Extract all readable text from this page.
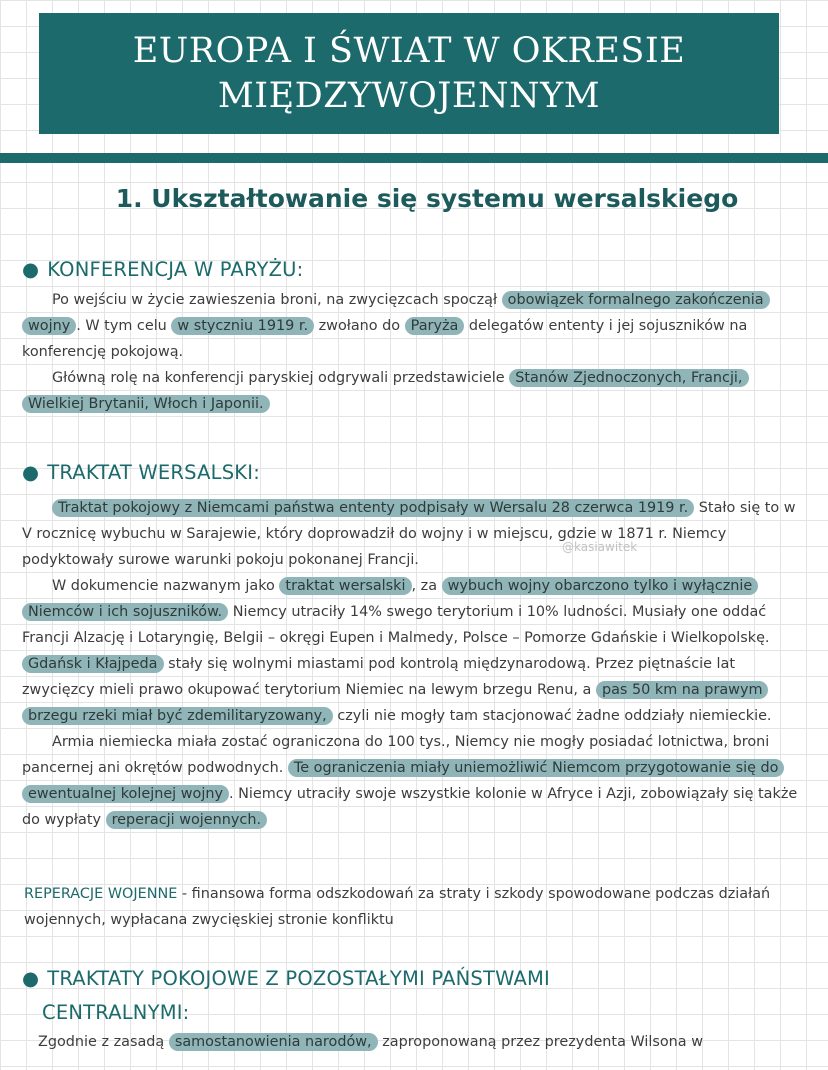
EUROPA I ŚWIAT W OKRESIE
MIĘDZYWOJENNYM
1. Ukształtowanie się systemu wersalskiego
● KONFERENCJA W PARYŻU:

Po wejściu w życie zawieszenia broni, na zwycięzcach spoczął obowiązek formalnego zakończenia wojny . W tym celu w styczniu 1919 r. zwołano do Paryża delegatów ententy i jej sojuszników na konferencję pokojową.

Główną rolę na konferencji paryskiej odgrywali przedstawiciele Stanów Zjednoczonych, Francji, Wielkiej Brytanii, Włoch i Japonii.

● TRAKTAT WERSALSKI:

Traktat pokojowy z Niemcami państwa ententy podpisały w Wersalu 28 czerwca 1919 r. Stało się to w V rocznicę wybuchu w Sarajewie, który doprowadził do wojny i w miejscu, gdzie w 1871 r. Niemcy podyktowały surowe warunki pokoju pokonanej Francji.

W dokumencie nazwanym jako traktat wersalski , za wybuch wojny obarczono tylko i wyłącznie Niemców i ich sojuszników. Niemcy utraciły 14% swego terytorium i 10% ludności. Musiały one oddać Francji Alzację i Lotaryngię, Belgii – okręgi Eupen i Malmedy, Polsce – Pomorze Gdańskie i Wielkopolskę. Gdańsk i Kłajpeda stały się wolnymi miastami pod kontrolą międzynarodową. Przez piętnaście lat zwycięzcy mieli prawo okupować terytorium Niemiec na lewym brzegu Renu, a pas 50 km na prawym brzegu rzeki miał być zdemilitaryzowany, czyli nie mogły tam stacjonować żadne oddziały niemieckie.

Armia niemiecka miała zostać ograniczona do 100 tys., Niemcy nie mogły posiadać lotnictwa, broni pancernej ani okrętów podwodnych. Te ograniczenia miały uniemożliwić Niemcom przygotowanie się do ewentualnej kolejnej wojny . Niemcy utraciły swoje wszystkie kolonie w Afryce i Azji, zobowiązały się także do wypłaty reperacji wojennych.

@kasiawitek
REPERACJE WOJENNE - finansowa forma odszkodowań za straty i szkody spowodowane podczas działań wojennych, wypłacana zwycięskiej stronie konfliktu
● TRAKTATY POKOJOWE Z POZOSTAŁYMI PAŃSTWAMI
CENTRALNYMI:

Zgodnie z zasadą samostanowienia narodów, zaproponowaną przez prezydenta Wilsona w
